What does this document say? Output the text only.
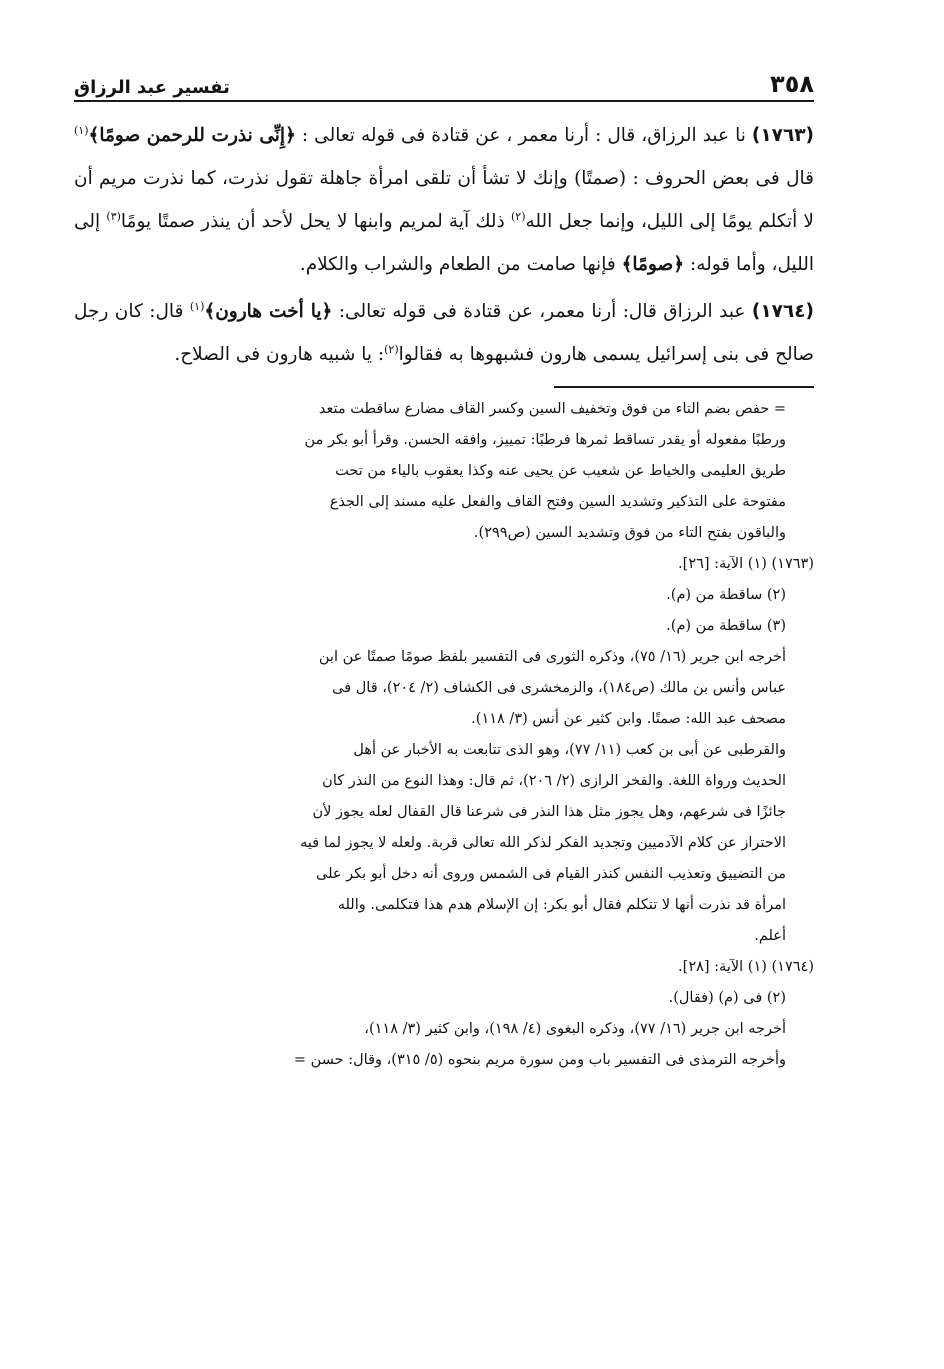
٣٥٨
تفسير عبد الرزاق

(١٧٦٣) نا عبد الرزاق، قال : أرنا معمر ، عن قتادة فى قوله تعالى : ﴿إِنِّى نذرت للرحمن صومًا﴾$^{(١)}$ قال فى بعض الحروف : (صمتًا) وإنك لا تشأ أن تلقى امرأة جاهلة تقول نذرت، كما نذرت مريم أن لا أتكلم يومًا إلى الليل، وإنما جعل الله$^{(٢)}$ ذلك آية لمريم وابنها لا يحل لأحد أن ينذر صمتًا يومًا$^{(٣)}$ إلى الليل، وأما قوله: ﴿صومًا﴾ فإنها صامت من الطعام والشراب والكلام.

(١٧٦٤) عبد الرزاق قال: أرنا معمر، عن قتادة فى قوله تعالى: ﴿يا أخت هارون﴾$^{(١)}$ قال: كان رجل صالح فى بنى إسرائيل يسمى هارون فشبهوها به فقالوا$^{(٢)}$: يا شبيه هارون فى الصلاح.

= حفص بضم التاء من فوق وتخفيف السين وكسر القاف مضارع ساقطت متعد
ورطبًا مفعوله أو يقدر تساقط ثمرها فرطبًا: تمييز، وافقه الحسن. وقرأ أبو بكر من
طريق العليمى والخياط عن شعيب عن يحيى عنه وكذا يعقوب بالياء من تحت
مفتوحة على التذكير وتشديد السين وفتح القاف والفعل عليه مسند إلى الجذع
والباقون بفتح التاء من فوق وتشديد السين (ص٢٩٩).
(١٧٦٣) (١) الآية: [٢٦].
(٢) ساقطة من (م).
(٣) ساقطة من (م).
أخرجه ابن جرير (١٦/ ٧٥)، وذكره الثورى فى التفسير بلفظ صومًا صمتًا عن ابن
عباس وأنس بن مالك (ص١٨٤)، والزمخشرى فى الكشاف (٢/ ٢٠٤)، قال فى
مصحف عبد الله: صمتًا. وابن كثير عن أنس (٣/ ١١٨).
والقرطبى عن أبى بن كعب (١١/ ٧٧)، وهو الذى تتابعت به الأخبار عن أهل
الحديث ورواة اللغة. والفخر الرازى (٢/ ٢٠٦)، ثم قال: وهذا النوع من النذر كان
جائزًا فى شرعهم، وهل يجوز مثل هذا النذر فى شرعنا قال القفال لعله يجوز لأن
الاحتراز عن كلام الآدميين وتجديد الفكر لذكر الله تعالى قربة. ولعله لا يجوز لما فيه
من التضييق وتعذيب النفس كنذر القيام فى الشمس وروى أنه دخل أبو بكر على
امرأة قد نذرت أنها لا تتكلم فقال أبو بكر: إن الإسلام هدم هذا فتكلمى. والله
أعلم.
(١٧٦٤) (١) الآية: [٢٨].
(٢) فى (م) (فقال).
أخرجه ابن جرير (١٦/ ٧٧)، وذكره البغوى (٤/ ١٩٨)، وابن كثير (٣/ ١١٨)،
وأخرجه الترمذى فى التفسير باب ومن سورة مريم بنحوه (٥/ ٣١٥)، وقال: حسن =
